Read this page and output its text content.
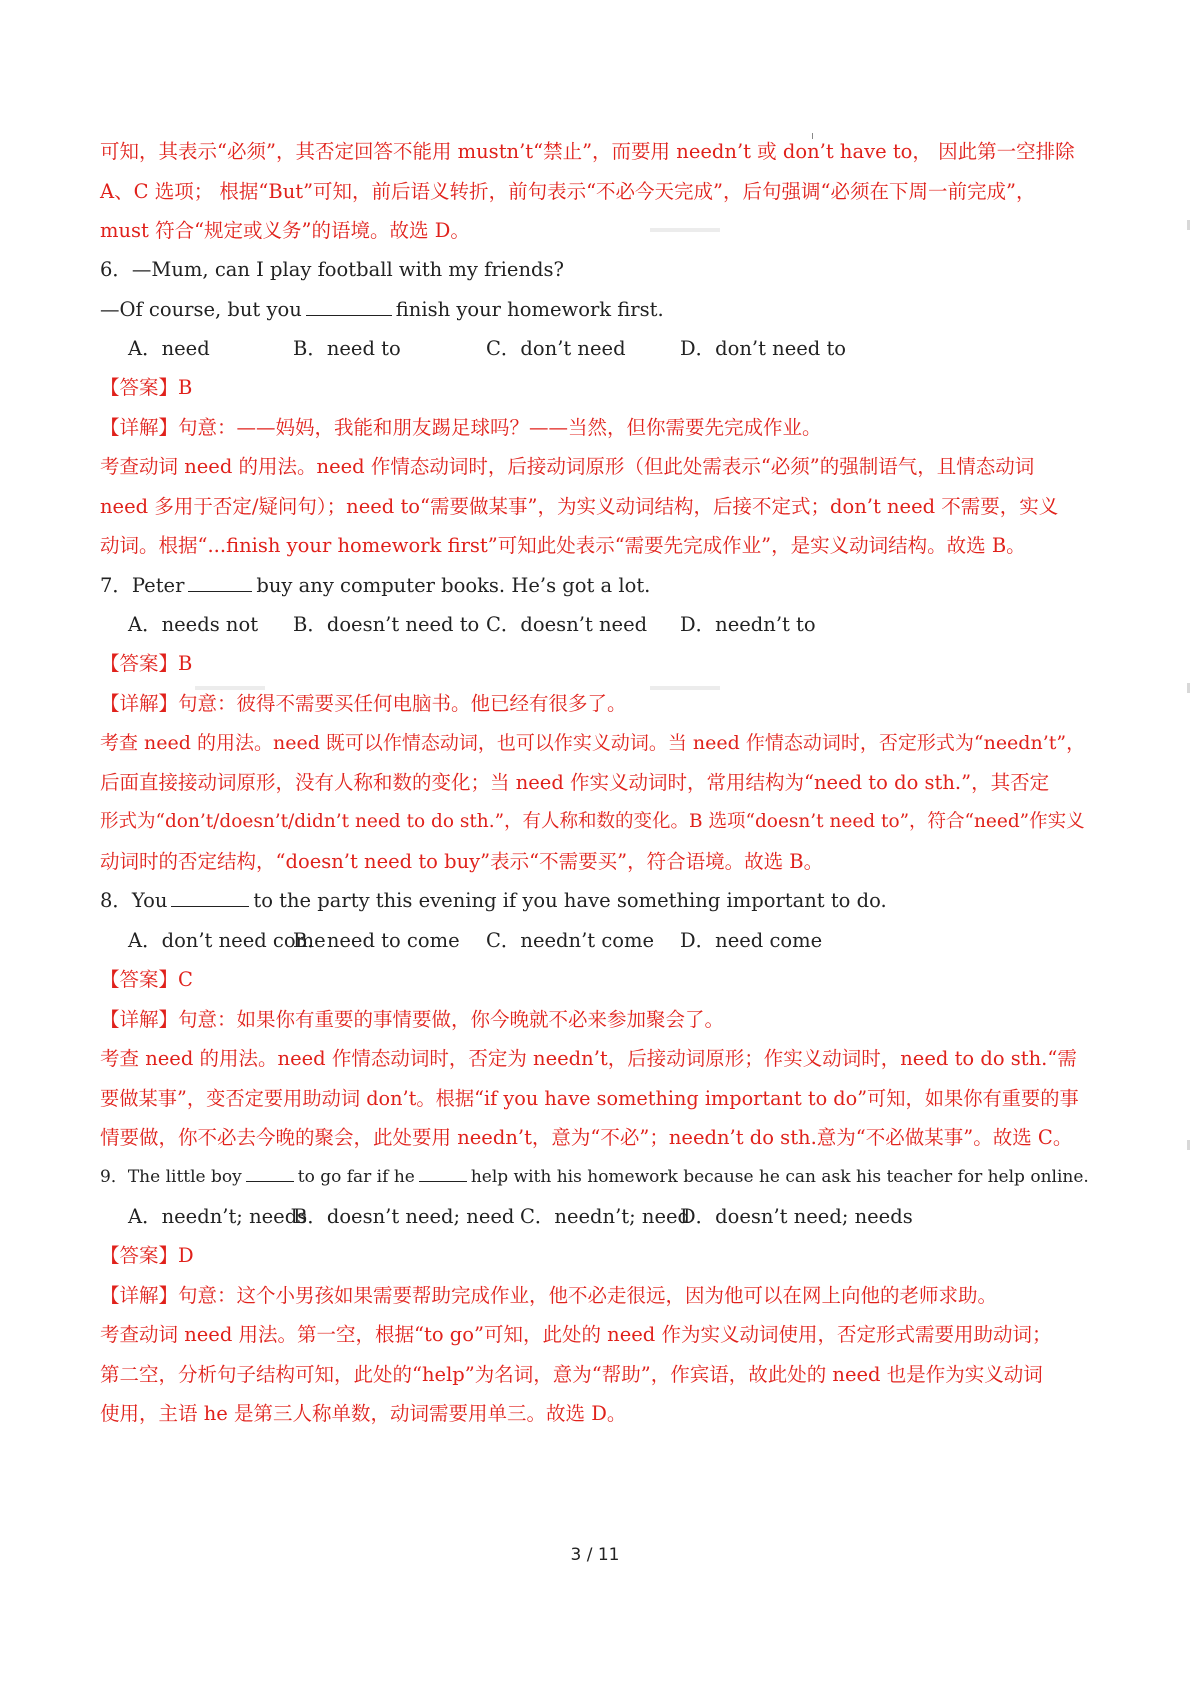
可知，其表示“必须”，其否定回答不能用 mustn’t“禁止”，而要用 needn’t 或 don’t have to， 因此第一空排除
A、C 选项； 根据“But”可知，前后语义转折，前句表示“不必今天完成”，后句强调“必须在下周一前完成”，
must 符合“规定或义务”的语境。故选 D。
6．—Mum, can I play football with my friends?
—Of course, but you	finish your homework first.
A．need	B．need to	C．don’t need	D．don’t need to
【答案】B
【详解】句意：——妈妈，我能和朋友踢足球吗？——当然，但你需要先完成作业。
考查动词 need 的用法。need 作情态动词时，后接动词原形（但此处需表示“必须”的强制语气，且情态动词
need 多用于否定/疑问句）；need to“需要做某事”，为实义动词结构，后接不定式；don’t need 不需要，实义
动词。根据“...finish your homework first”可知此处表示“需要先完成作业”，是实义动词结构。故选 B。
7．Peter	buy any computer books. He’s got a lot.
A．needs not B．doesn’t need to C．doesn’t need D．needn’t to
【答案】B
【详解】句意：彼得不需要买任何电脑书。他已经有很多了。
考查 need 的用法。need 既可以作情态动词，也可以作实义动词。当 need 作情态动词时，否定形式为“needn’t”，
后面直接接动词原形，没有人称和数的变化；当 need 作实义动词时，常用结构为“need to do sth.”，其否定
形式为“don’t/doesn’t/didn’t need to do sth.”，有人称和数的变化。B 选项“doesn’t need to”，符合“need”作实义
动词时的否定结构，“doesn’t need to buy”表示“不需要买”，符合语境。故选 B。
8．You	to the party this evening if you have something important to do.
A．don’t need come
B．need to come C．needn’t come D．need come
【答案】C
【详解】句意：如果你有重要的事情要做，你今晚就不必来参加聚会了。
考查 need 的用法。need 作情态动词时，否定为 needn’t，后接动词原形；作实义动词时，need to do sth.“需
要做某事”，变否定要用助动词 don’t。根据“if you have something important to do”可知，如果你有重要的事
情要做，你不必去今晚的聚会，此处要用 needn’t，意为“不必”；needn’t do sth.意为“不必做某事”。故选 C。
9．The little boy	to go far if he	help with his homework because he can ask his teacher for help online.
A．needn’t; needs
B．doesn’t need; need C．needn’t; need
D．doesn’t need; needs
【答案】D
【详解】句意：这个小男孩如果需要帮助完成作业，他不必走很远，因为他可以在网上向他的老师求助。
考查动词 need 用法。第一空，根据“to go”可知，此处的 need 作为实义动词使用，否定形式需要用助动词；
第二空，分析句子结构可知，此处的“help”为名词，意为“帮助”，作宾语，故此处的 need 也是作为实义动词
使用，主语 he 是第三人称单数，动词需要用单三。故选 D。
3 / 11
